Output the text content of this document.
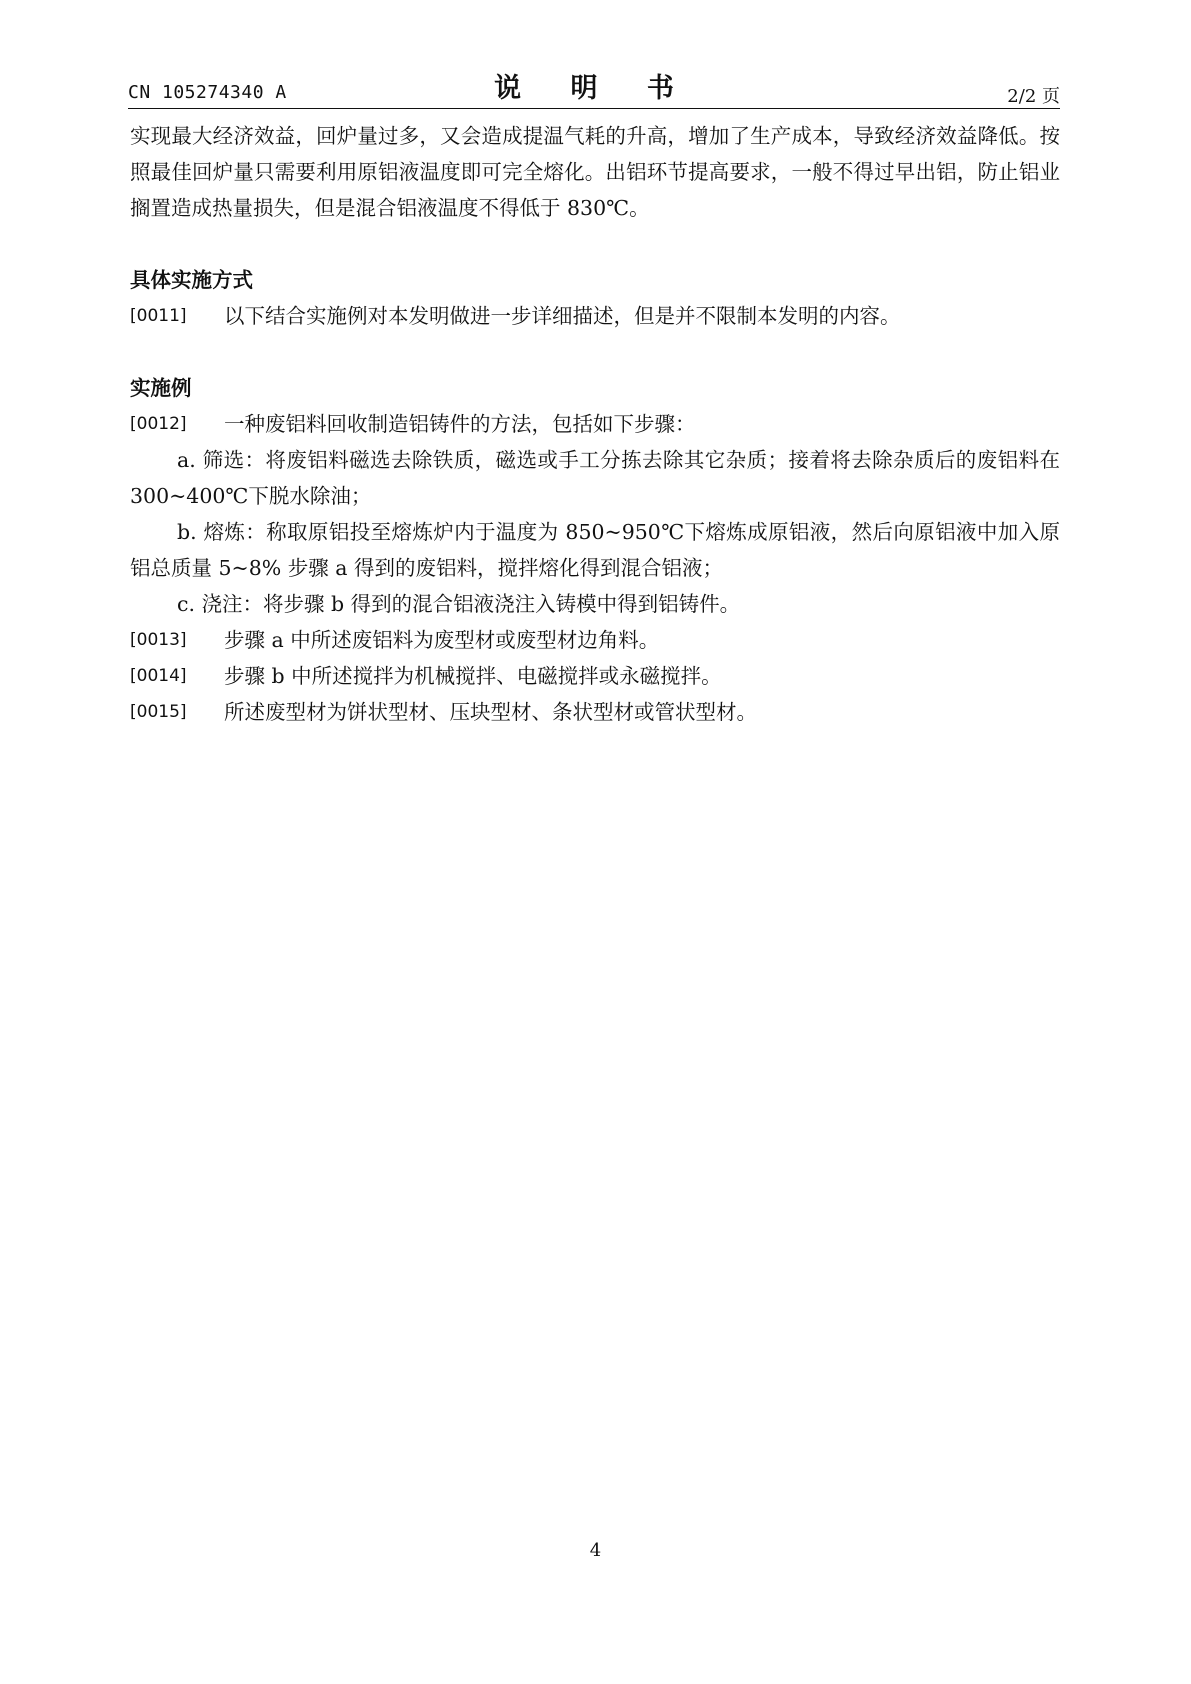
CN 105274340 A	说 明 书	2/2 页

实现最大经济效益，回炉量过多，又会造成提温气耗的升高，增加了生产成本，导致经济效益降低。按照最佳回炉量只需要利用原铝液温度即可完全熔化。出铝环节提高要求，一般不得过早出铝，防止铝业搁置造成热量损失，但是混合铝液温度不得低于 830℃。

具体实施方式
[0011]	以下结合实施例对本发明做进一步详细描述，但是并不限制本发明的内容。
实施例
[0012]	一种废铝料回收制造铝铸件的方法，包括如下步骤：

a. 筛选：将废铝料磁选去除铁质，磁选或手工分拣去除其它杂质；接着将去除杂质后的废铝料在 300~400℃下脱水除油；

b. 熔炼：称取原铝投至熔炼炉内于温度为 850~950℃下熔炼成原铝液，然后向原铝液中加入原铝总质量 5~8% 步骤 a 得到的废铝料，搅拌熔化得到混合铝液；

c. 浇注：将步骤 b 得到的混合铝液浇注入铸模中得到铝铸件。

[0013]	步骤 a 中所述废铝料为废型材或废型材边角料。
[0014]	步骤 b 中所述搅拌为机械搅拌、电磁搅拌或永磁搅拌。
[0015]	所述废型材为饼状型材、压块型材、条状型材或管状型材。
4
